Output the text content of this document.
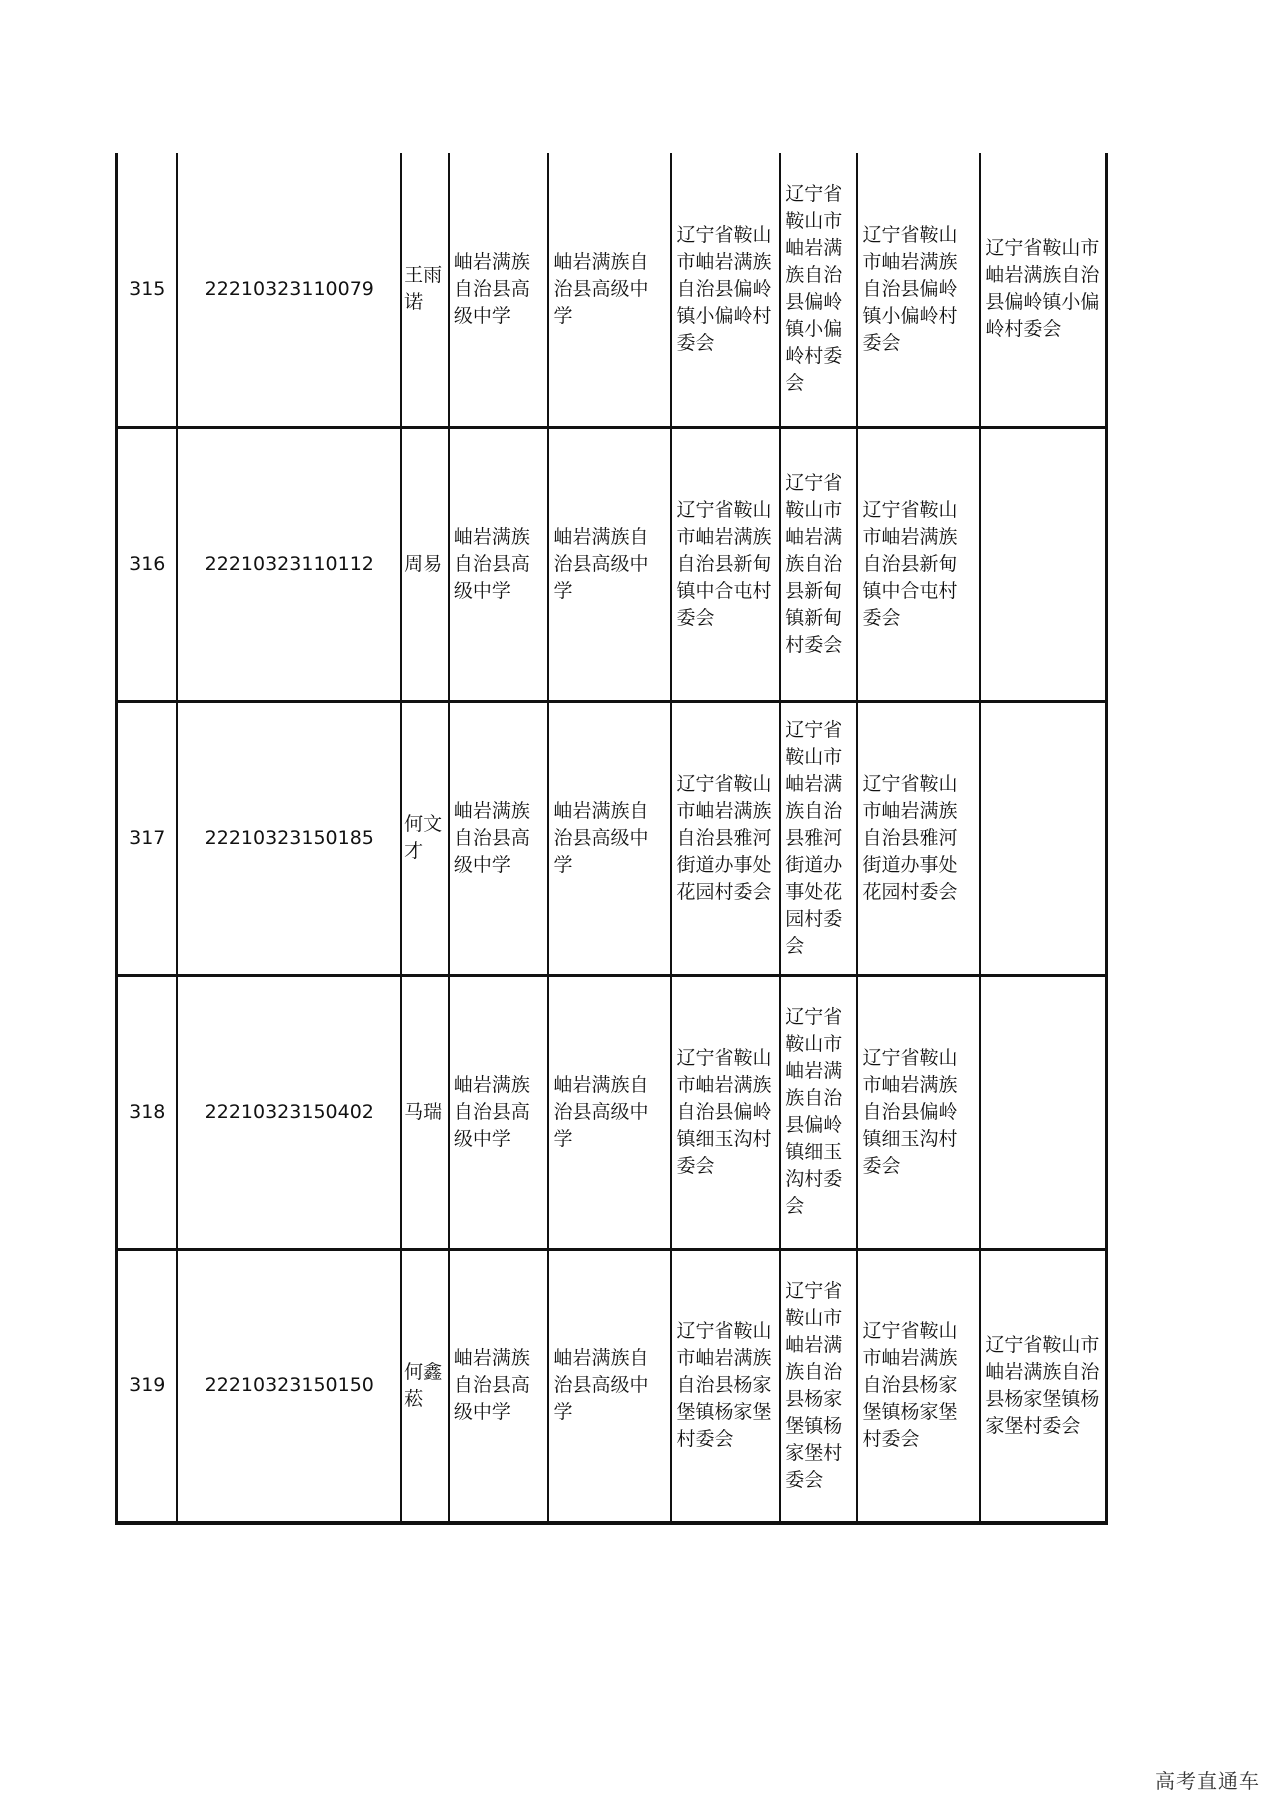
315	22210323110079	王雨诺	岫岩满族自治县高级中学	岫岩满族自治县高级中学	辽宁省鞍山市岫岩满族自治县偏岭镇小偏岭村委会	辽宁省鞍山市岫岩满族自治县偏岭镇小偏岭村委会	辽宁省鞍山市岫岩满族自治县偏岭镇小偏岭村委会	辽宁省鞍山市岫岩满族自治县偏岭镇小偏岭村委会
316	22210323110112	周易	岫岩满族自治县高级中学	岫岩满族自治县高级中学	辽宁省鞍山市岫岩满族自治县新甸镇中合屯村委会	辽宁省鞍山市岫岩满族自治县新甸镇新甸村委会	辽宁省鞍山市岫岩满族自治县新甸镇中合屯村委会	
317	22210323150185	何文才	岫岩满族自治县高级中学	岫岩满族自治县高级中学	辽宁省鞍山市岫岩满族自治县雅河街道办事处花园村委会	辽宁省鞍山市岫岩满族自治县雅河街道办事处花园村委会	辽宁省鞍山市岫岩满族自治县雅河街道办事处花园村委会	
318	22210323150402	马瑞	岫岩满族自治县高级中学	岫岩满族自治县高级中学	辽宁省鞍山市岫岩满族自治县偏岭镇细玉沟村委会	辽宁省鞍山市岫岩满族自治县偏岭镇细玉沟村委会	辽宁省鞍山市岫岩满族自治县偏岭镇细玉沟村委会	
319	22210323150150	何鑫菘	岫岩满族自治县高级中学	岫岩满族自治县高级中学	辽宁省鞍山市岫岩满族自治县杨家堡镇杨家堡村委会	辽宁省鞍山市岫岩满族自治县杨家堡镇杨家堡村委会	辽宁省鞍山市岫岩满族自治县杨家堡镇杨家堡村委会	辽宁省鞍山市岫岩满族自治县杨家堡镇杨家堡村委会
高考直通车
